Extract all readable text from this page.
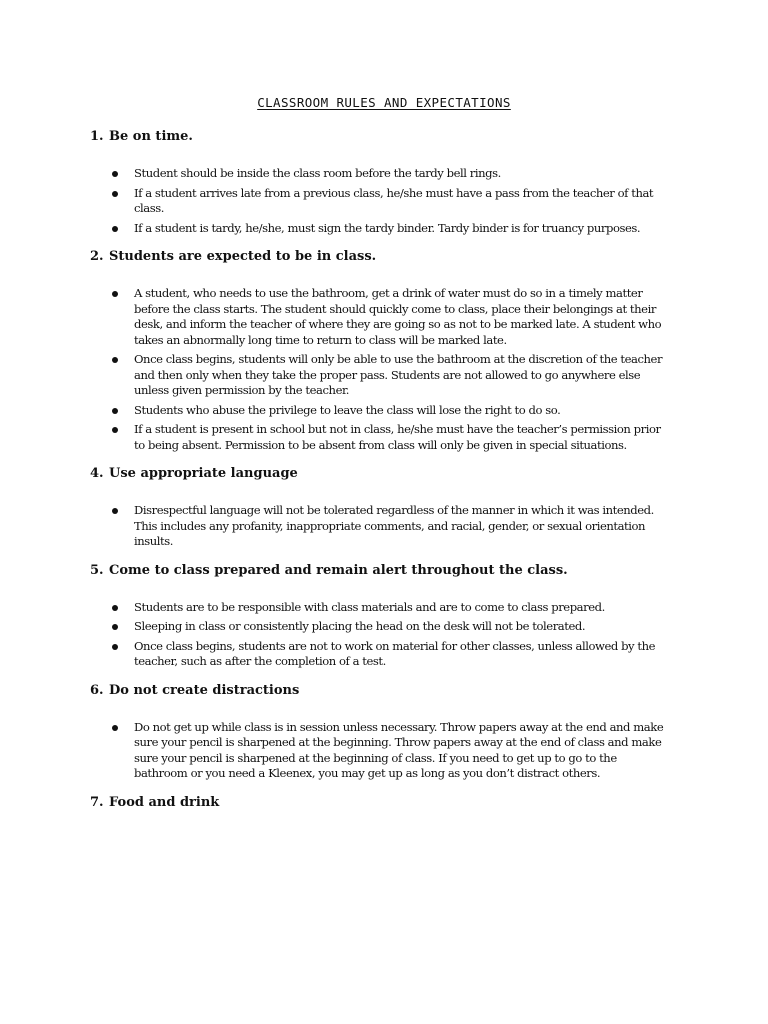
CLASSROOM RULES AND EXPECTATIONS
1. Be on time.
Student should be inside the class room before the tardy bell rings.
If a student arrives late from a previous class, he/she must have a pass from the teacher of that class.
If a student is tardy, he/she, must sign the tardy binder. Tardy binder is for truancy purposes.
2. Students are expected to be in class.
A student, who needs to use the bathroom, get a drink of water must do so in a timely matter before the class starts. The student should quickly come to class, place their belongings at their desk, and inform the teacher of where they are going so as not to be marked late. A student who takes an abnormally long time to return to class will be marked late.
Once class begins, students will only be able to use the bathroom at the discretion of the teacher and then only when they take the proper pass. Students are not allowed to go anywhere else unless given permission by the teacher.
Students who abuse the privilege to leave the class will lose the right to do so.
If a student is present in school but not in class, he/she must have the teacher’s permission prior to being absent. Permission to be absent from class will only be given in special situations.
4. Use appropriate language
Disrespectful language will not be tolerated regardless of the manner in which it was intended. This includes any profanity, inappropriate comments, and racial, gender, or sexual orientation insults.
5. Come to class prepared and remain alert throughout the class.
Students are to be responsible with class materials and are to come to class prepared.
Sleeping in class or consistently placing the head on the desk will not be tolerated.
Once class begins, students are not to work on material for other classes, unless allowed by the teacher, such as after the completion of a test.
6. Do not create distractions
Do not get up while class is in session unless necessary. Throw papers away at the end and make sure your pencil is sharpened at the beginning. Throw papers away at the end of class and make sure your pencil is sharpened at the beginning of class. If you need to get up to go to the bathroom or you need a Kleenex, you may get up as long as you don’t distract others.
7. Food and drink
